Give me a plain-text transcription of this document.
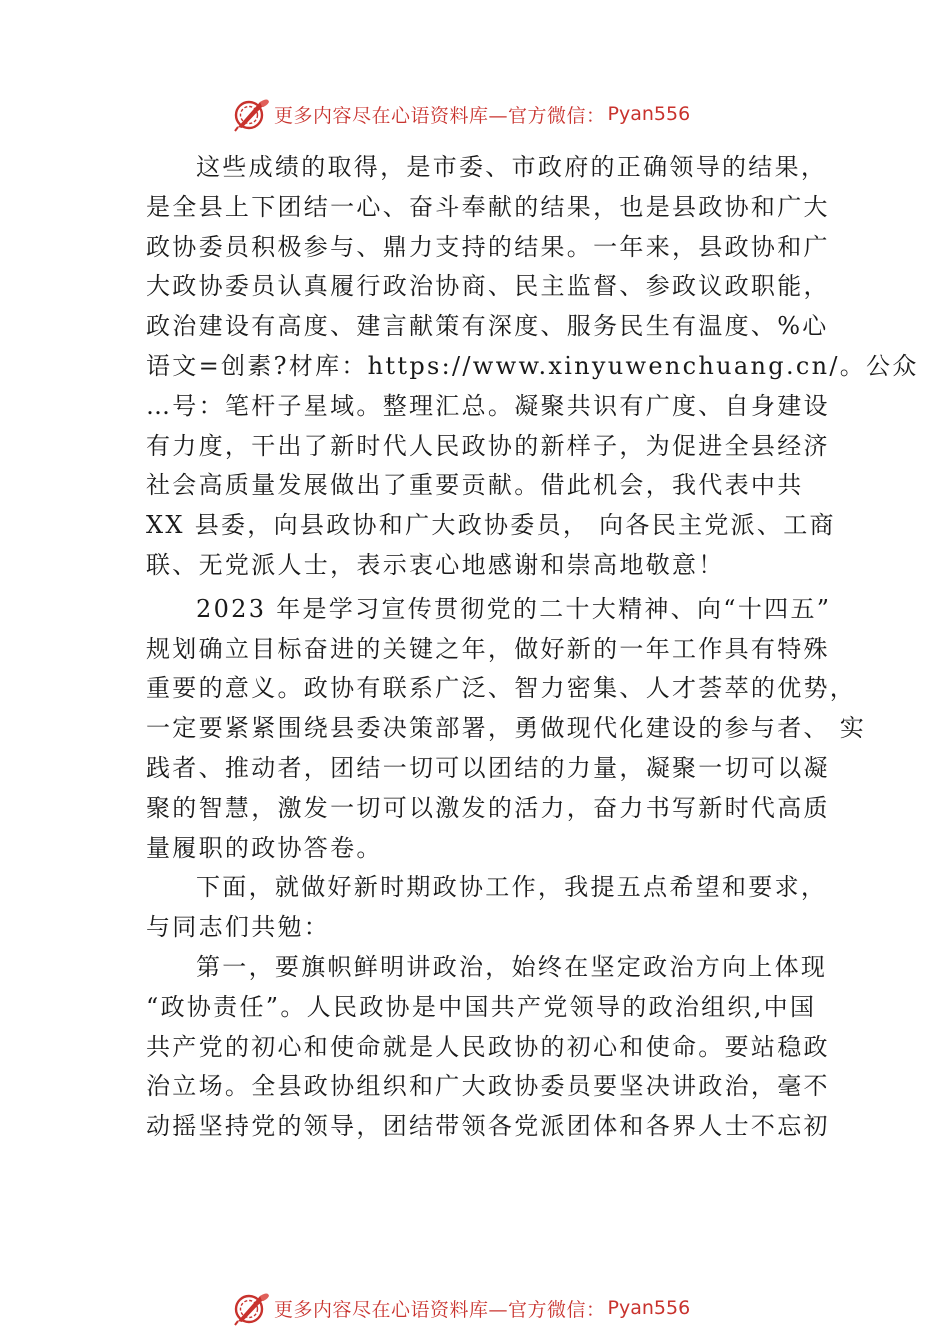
更多内容尽在心语资料库—官方微信： Pyan556
这些成绩的取得，是市委、市政府的正确领导的结果，
是全县上下团结一心、奋斗奉献的结果，也是县政协和广大
政协委员积极参与、鼎力支持的结果。一年来，县政协和广
大政协委员认真履行政治协商、民主监督、参政议政职能，
政治建设有高度、建言献策有深度、服务民生有温度、%心
语文=创素?材库：https://www.xinyuwenchuang.cn/。公众
…号：笔杆子星域。整理汇总。凝聚共识有广度、自身建设
有力度，干出了新时代人民政协的新样子，为促进全县经济
社会高质量发展做出了重要贡献。借此机会，我代表中共
XX 县委，向县政协和广大政协委员， 向各民主党派、工商
联、无党派人士，表示衷心地感谢和崇高地敬意！
2023 年是学习宣传贯彻党的二十大精神、向“十四五”
规划确立目标奋进的关键之年，做好新的一年工作具有特殊
重要的意义。政协有联系广泛、智力密集、人才荟萃的优势，
一定要紧紧围绕县委决策部署，勇做现代化建设的参与者、 实
践者、推动者，团结一切可以团结的力量，凝聚一切可以凝
聚的智慧，激发一切可以激发的活力，奋力书写新时代高质
量履职的政协答卷。
下面，就做好新时期政协工作，我提五点希望和要求，
与同志们共勉：
第一，要旗帜鲜明讲政治，始终在坚定政治方向上体现
“政协责任”。人民政协是中国共产党领导的政治组织,中国
共产党的初心和使命就是人民政协的初心和使命。要站稳政
治立场。全县政协组织和广大政协委员要坚决讲政治，毫不
动摇坚持党的领导，团结带领各党派团体和各界人士不忘初
更多内容尽在心语资料库—官方微信： Pyan556
